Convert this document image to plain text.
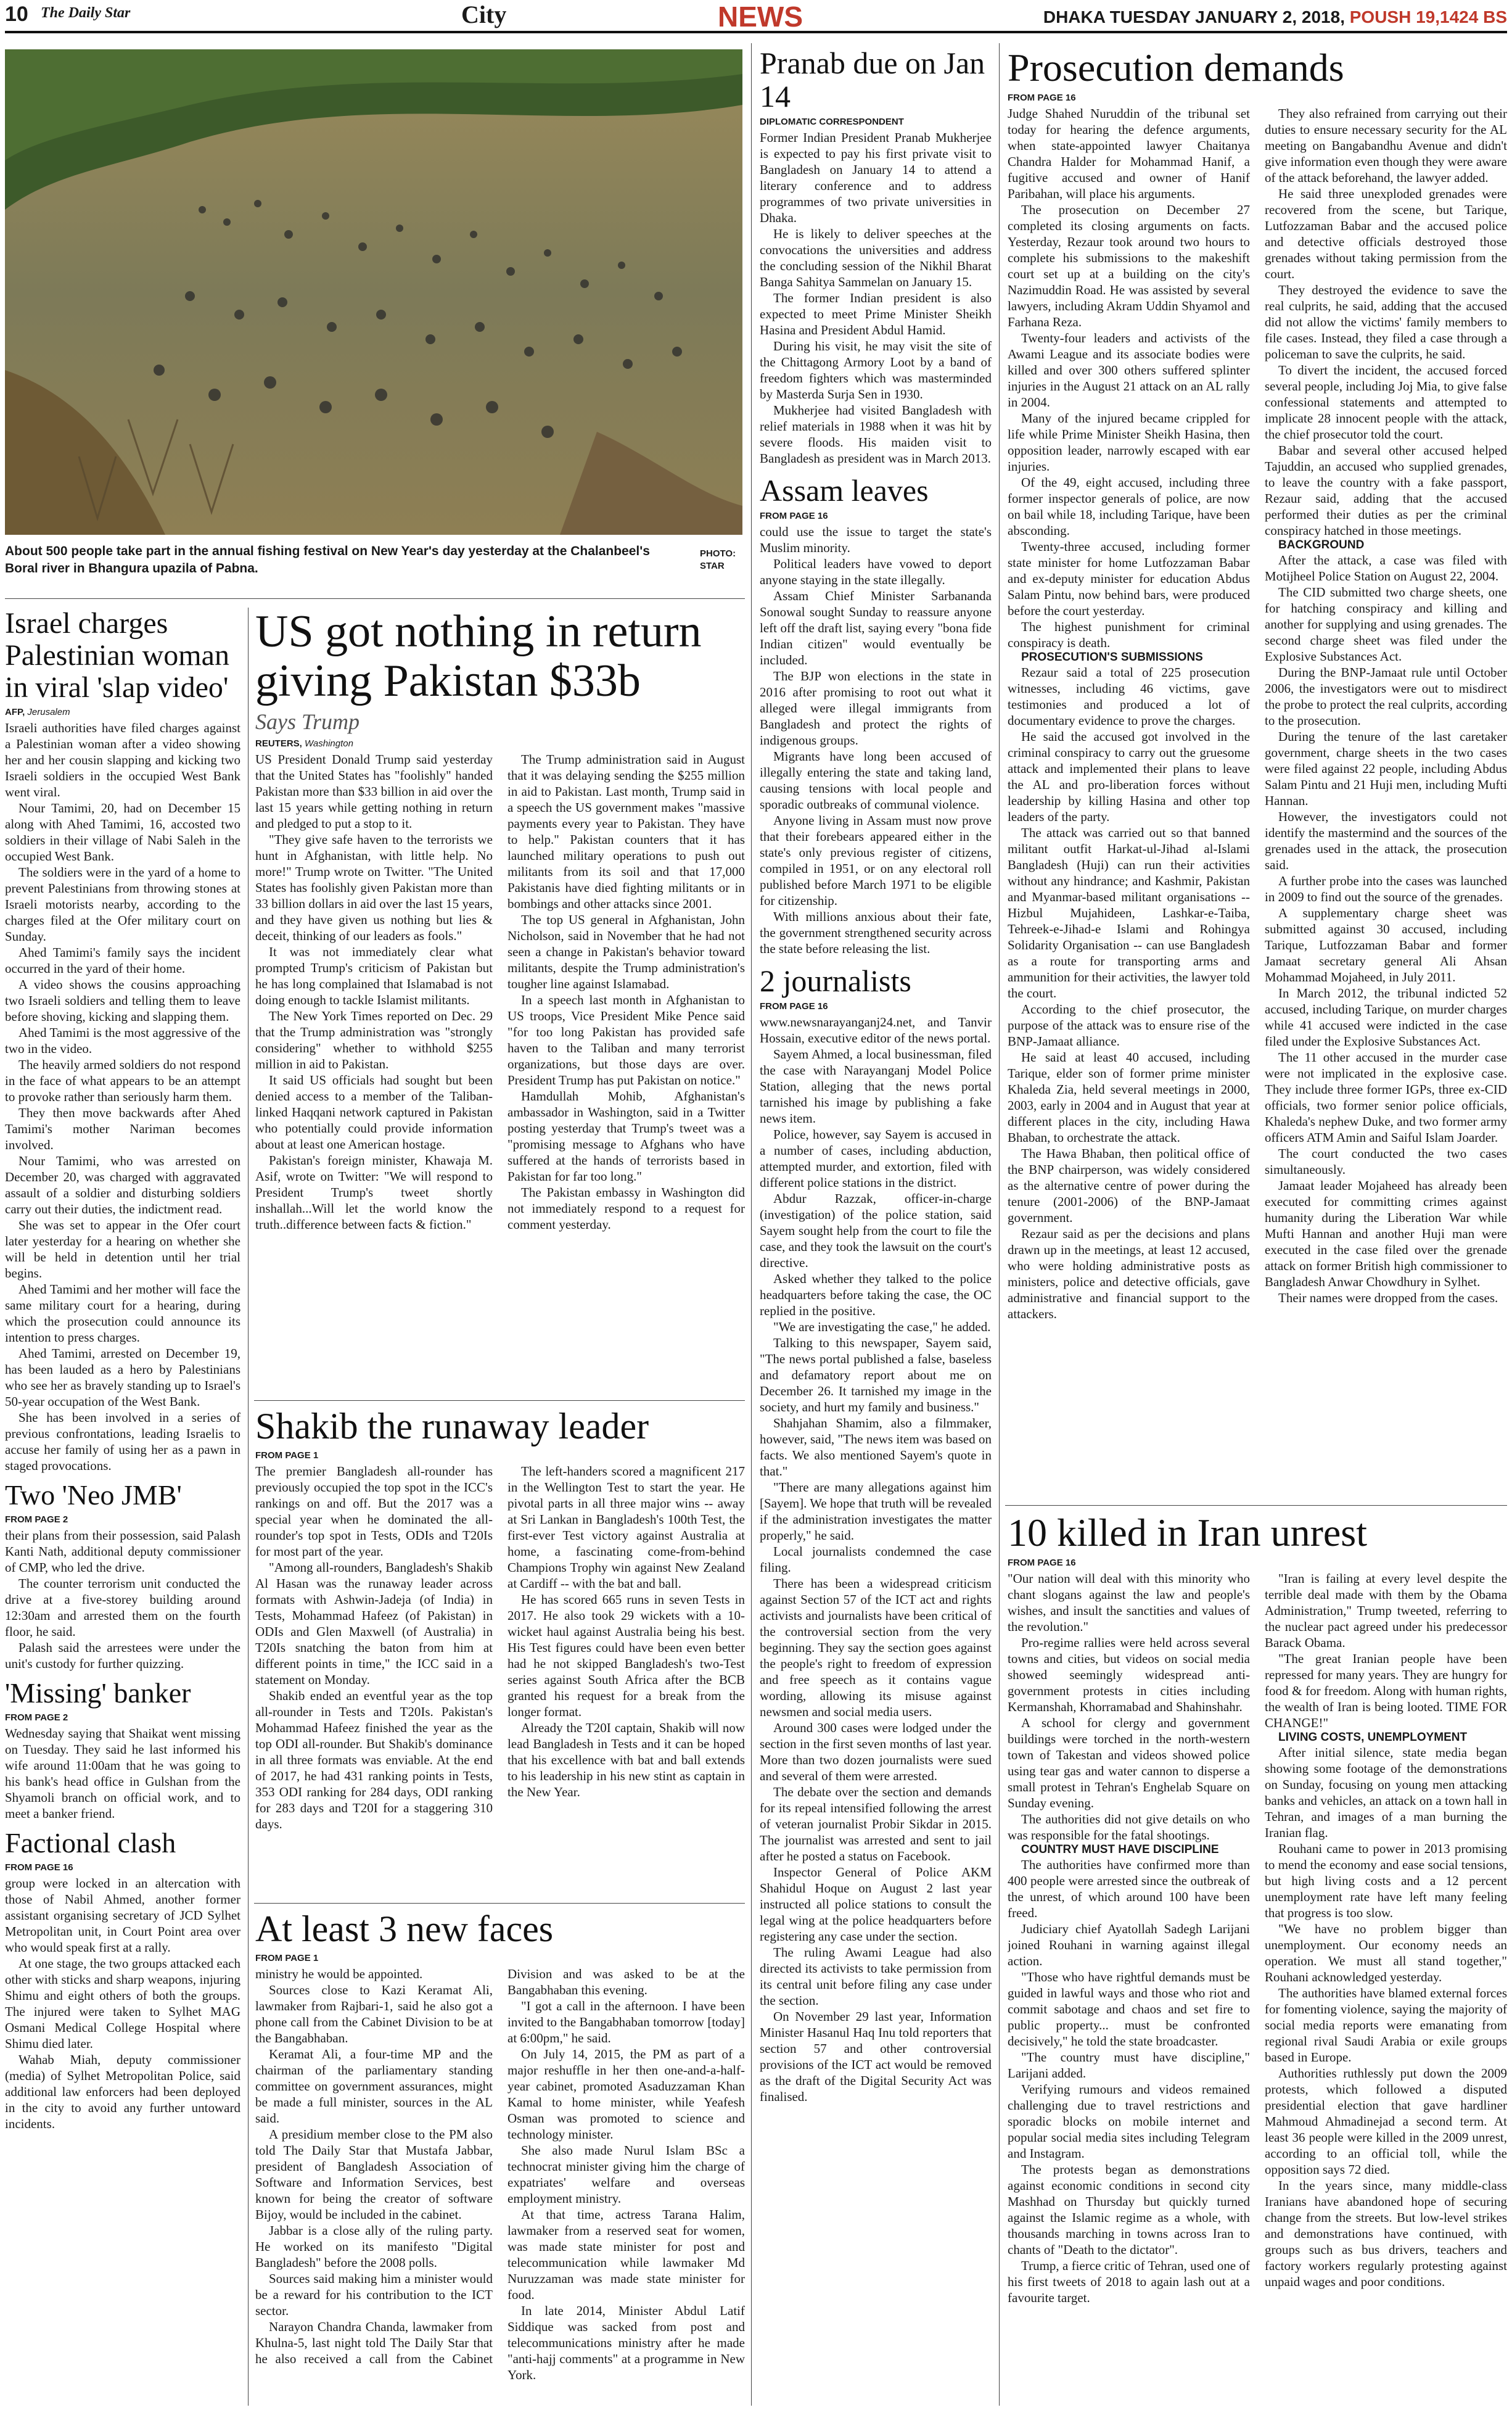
10 The Daily Star	City	NEWS	DHAKA TUESDAY JANUARY 2, 2018, POUSH 19,1424 BS
About 500 people take part in the annual fishing festival on New Year's day yesterday at the Chalanbeel's Boral river in Bhangura upazila of Pabna.
PHOTO:
STAR
Israel charges Palestinian woman in viral 'slap video'
AFP, Jerusalem

Israeli authorities have filed charges against a Palestinian woman after a video showing her and her cousin slapping and kicking two Israeli soldiers in the occupied West Bank went viral.

Nour Tamimi, 20, had on December 15 along with Ahed Tamimi, 16, accosted two soldiers in their village of Nabi Saleh in the occupied West Bank.

The soldiers were in the yard of a home to prevent Palestinians from throwing stones at Israeli motorists nearby, according to the charges filed at the Ofer military court on Sunday.

Ahed Tamimi's family says the incident occurred in the yard of their home.

A video shows the cousins approaching two Israeli soldiers and telling them to leave before shoving, kicking and slapping them.

Ahed Tamimi is the most aggressive of the two in the video.

The heavily armed soldiers do not respond in the face of what appears to be an attempt to provoke rather than seriously harm them.

They then move backwards after Ahed Tamimi's mother Nariman becomes involved.

Nour Tamimi, who was arrested on December 20, was charged with aggravated assault of a soldier and disturbing soldiers carry out their duties, the indictment read.

She was set to appear in the Ofer court later yesterday for a hearing on whether she will be held in detention until her trial begins.

Ahed Tamimi and her mother will face the same military court for a hearing, during which the prosecution could announce its intention to press charges.

Ahed Tamimi, arrested on December 19, has been lauded as a hero by Palestinians who see her as bravely standing up to Israel's 50-year occupation of the West Bank.

She has been involved in a series of previous confrontations, leading Israelis to accuse her family of using her as a pawn in staged provocations.

Two 'Neo JMB'
FROM PAGE 2

their plans from their possession, said Palash Kanti Nath, additional deputy commissioner of CMP, who led the drive.

The counter terrorism unit conducted the drive at a five-storey building around 12:30am and arrested them on the fourth floor, he said.

Palash said the arrestees were under the unit's custody for further quizzing.

'Missing' banker
FROM PAGE 2

Wednesday saying that Shaikat went missing on Tuesday. They said he last informed his wife around 11:00am that he was going to his bank's head office in Gulshan from the Shyamoli branch on official work, and to meet a banker friend.

Factional clash
FROM PAGE 16

group were locked in an altercation with those of Nabil Ahmed, another former assistant organising secretary of JCD Sylhet Metropolitan unit, in Court Point area over who would speak first at a rally.

At one stage, the two groups attacked each other with sticks and sharp weapons, injuring Shimu and eight others of both the groups. The injured were taken to Sylhet MAG Osmani Medical College Hospital where Shimu died later.

Wahab Miah, deputy commissioner (media) of Sylhet Metropolitan Police, said additional law enforcers had been deployed in the city to avoid any further untoward incidents.

US got nothing in return giving Pakistan $33b
Says Trump
REUTERS, Washington

US President Donald Trump said yesterday that the United States has "foolishly" handed Pakistan more than $33 billion in aid over the last 15 years while getting nothing in return and pledged to put a stop to it.

"They give safe haven to the terrorists we hunt in Afghanistan, with little help. No more!" Trump wrote on Twitter. "The United States has foolishly given Pakistan more than 33 billion dollars in aid over the last 15 years, and they have given us nothing but lies & deceit, thinking of our leaders as fools."

It was not immediately clear what prompted Trump's criticism of Pakistan but he has long complained that Islamabad is not doing enough to tackle Islamist militants.

The New York Times reported on Dec. 29 that the Trump administration was "strongly considering" whether to withhold $255 million in aid to Pakistan.

It said US officials had sought but been denied access to a member of the Taliban-linked Haqqani network captured in Pakistan who potentially could provide information about at least one American hostage.

Pakistan's foreign minister, Khawaja M. Asif, wrote on Twitter: "We will respond to President Trump's tweet shortly inshallah...Will let the world know the truth..difference between facts & fiction."

The Trump administration said in August that it was delaying sending the $255 million in aid to Pakistan. Last month, Trump said in a speech the US government makes "massive payments every year to Pakistan. They have to help." Pakistan counters that it has launched military operations to push out militants from its soil and that 17,000 Pakistanis have died fighting militants or in bombings and other attacks since 2001.

The top US general in Afghanistan, John Nicholson, said in November that he had not seen a change in Pakistan's behavior toward militants, despite the Trump administration's tougher line against Islamabad.

In a speech last month in Afghanistan to US troops, Vice President Mike Pence said "for too long Pakistan has provided safe haven to the Taliban and many terrorist organizations, but those days are over. President Trump has put Pakistan on notice."

Hamdullah Mohib, Afghanistan's ambassador in Washington, said in a Twitter posting yesterday that Trump's tweet was a "promising message to Afghans who have suffered at the hands of terrorists based in Pakistan for far too long."

The Pakistan embassy in Washington did not immediately respond to a request for comment yesterday.

Shakib the runaway leader
FROM PAGE 1

The premier Bangladesh all-rounder has previously occupied the top spot in the ICC's rankings on and off. But the 2017 was a special year when he dominated the all-rounder's top spot in Tests, ODIs and T20Is for most part of the year.

"Among all-rounders, Bangladesh's Shakib Al Hasan was the runaway leader across formats with Ashwin-Jadeja (of India) in Tests, Mohammad Hafeez (of Pakistan) in ODIs and Glen Maxwell (of Australia) in T20Is snatching the baton from him at different points in time," the ICC said in a statement on Monday.

Shakib ended an eventful year as the top all-rounder in Tests and T20Is. Pakistan's Mohammad Hafeez finished the year as the top ODI all-rounder. But Shakib's dominance in all three formats was enviable. At the end of 2017, he had 431 ranking points in Tests, 353 ODI ranking for 284 days, ODI ranking for 283 days and T20I for a staggering 310 days.

The left-handers scored a magnificent 217 in the Wellington Test to start the year. He pivotal parts in all three major wins -- away at Sri Lankan in Bangladesh's 100th Test, the first-ever Test victory against Australia at home, a fascinating come-from-behind Champions Trophy win against New Zealand at Cardiff -- with the bat and ball.

He has scored 665 runs in seven Tests in 2017. He also took 29 wickets with a 10-wicket haul against Australia being his best. His Test figures could have been even better had he not skipped Bangladesh's two-Test series against South Africa after the BCB granted his request for a break from the longer format.

Already the T20I captain, Shakib will now lead Bangladesh in Tests and it can be hoped that his excellence with bat and ball extends to his leadership in his new stint as captain in the New Year.

At least 3 new faces
FROM PAGE 1

ministry he would be appointed.

Sources close to Kazi Keramat Ali, lawmaker from Rajbari-1, said he also got a phone call from the Cabinet Division to be at the Bangabhaban.

Keramat Ali, a four-time MP and the chairman of the parliamentary standing committee on government assurances, might be made a full minister, sources in the AL said.

A presidium member close to the PM also told The Daily Star that Mustafa Jabbar, president of Bangladesh Association of Software and Information Services, best known for being the creator of software Bijoy, would be included in the cabinet.

Jabbar is a close ally of the ruling party. He worked on its manifesto "Digital Bangladesh" before the 2008 polls.

Sources said making him a minister would be a reward for his contribution to the ICT sector.

Narayon Chandra Chanda, lawmaker from Khulna-5, last night told The Daily Star that he also received a call from the Cabinet Division and was asked to be at the Bangabhaban this evening.

"I got a call in the afternoon. I have been invited to the Bangabhaban tomorrow [today] at 6:00pm," he said.

On July 14, 2015, the PM as part of a major reshuffle in her then one-and-a-half-year cabinet, promoted Asaduzzaman Khan Kamal to home minister, while Yeafesh Osman was promoted to science and technology minister.

She also made Nurul Islam BSc a technocrat minister giving him the charge of expatriates' welfare and overseas employment ministry.

At that time, actress Tarana Halim, lawmaker from a reserved seat for women, was made state minister for post and telecommunication while lawmaker Md Nuruzzaman was made state minister for food.

In late 2014, Minister Abdul Latif Siddique was sacked from post and telecommunications ministry after he made "anti-hajj comments" at a programme in New York.

Pranab due on Jan 14
DIPLOMATIC CORRESPONDENT

Former Indian President Pranab Mukherjee is expected to pay his first private visit to Bangladesh on January 14 to attend a literary conference and to address programmes of two private universities in Dhaka.

He is likely to deliver speeches at the convocations the universities and address the concluding session of the Nikhil Bharat Banga Sahitya Sammelan on January 15.

The former Indian president is also expected to meet Prime Minister Sheikh Hasina and President Abdul Hamid.

During his visit, he may visit the site of the Chittagong Armory Loot by a band of freedom fighters which was masterminded by Masterda Surja Sen in 1930.

Mukherjee had visited Bangladesh with relief materials in 1988 when it was hit by severe floods. His maiden visit to Bangladesh as president was in March 2013.

Assam leaves
FROM PAGE 16

could use the issue to target the state's Muslim minority.

Political leaders have vowed to deport anyone staying in the state illegally.

Assam Chief Minister Sarbananda Sonowal sought Sunday to reassure anyone left off the draft list, saying every "bona fide Indian citizen" would eventually be included.

The BJP won elections in the state in 2016 after promising to root out what it alleged were illegal immigrants from Bangladesh and protect the rights of indigenous groups.

Migrants have long been accused of illegally entering the state and taking land, causing tensions with local people and sporadic outbreaks of communal violence.

Anyone living in Assam must now prove that their forebears appeared either in the state's only previous register of citizens, compiled in 1951, or on any electoral roll published before March 1971 to be eligible for citizenship.

With millions anxious about their fate, the government strengthened security across the state before releasing the list.

2 journalists
FROM PAGE 16

www.newsnarayanganj24.net, and Tanvir Hossain, executive editor of the news portal.

Sayem Ahmed, a local businessman, filed the case with Narayanganj Model Police Station, alleging that the news portal tarnished his image by publishing a fake news item.

Police, however, say Sayem is accused in a number of cases, including abduction, attempted murder, and extortion, filed with different police stations in the district.

Abdur Razzak, officer-in-charge (investigation) of the police station, said Sayem sought help from the court to file the case, and they took the lawsuit on the court's directive.

Asked whether they talked to the police headquarters before taking the case, the OC replied in the positive.

"We are investigating the case," he added.

Talking to this newspaper, Sayem said, "The news portal published a false, baseless and defamatory report about me on December 26. It tarnished my image in the society, and hurt my family and business."

Shahjahan Shamim, also a filmmaker, however, said, "The news item was based on facts. We also mentioned Sayem's quote in that."

"There are many allegations against him [Sayem]. We hope that truth will be revealed if the administration investigates the matter properly," he said.

Local journalists condemned the case filing.

There has been a widespread criticism against Section 57 of the ICT act and rights activists and journalists have been critical of the controversial section from the very beginning. They say the section goes against the people's right to freedom of expression and free speech as it contains vague wording, allowing its misuse against newsmen and social media users.

Around 300 cases were lodged under the section in the first seven months of last year. More than two dozen journalists were sued and several of them were arrested.

The debate over the section and demands for its repeal intensified following the arrest of veteran journalist Probir Sikdar in 2015. The journalist was arrested and sent to jail after he posted a status on Facebook.

Inspector General of Police AKM Shahidul Hoque on August 2 last year instructed all police stations to consult the legal wing at the police headquarters before registering any case under the section.

The ruling Awami League had also directed its activists to take permission from its central unit before filing any case under the section.

On November 29 last year, Information Minister Hasanul Haq Inu told reporters that section 57 and other controversial provisions of the ICT act would be removed as the draft of the Digital Security Act was finalised.

Prosecution demands
FROM PAGE 16

Judge Shahed Nuruddin of the tribunal set today for hearing the defence arguments, when state-appointed lawyer Chaitanya Chandra Halder for Mohammad Hanif, a fugitive accused and owner of Hanif Paribahan, will place his arguments.

The prosecution on December 27 completed its closing arguments on facts. Yesterday, Rezaur took around two hours to complete his submissions to the makeshift court set up at a building on the city's Nazimuddin Road. He was assisted by several lawyers, including Akram Uddin Shyamol and Farhana Reza.

Twenty-four leaders and activists of the Awami League and its associate bodies were killed and over 300 others suffered splinter injuries in the August 21 attack on an AL rally in 2004.

Many of the injured became crippled for life while Prime Minister Sheikh Hasina, then opposition leader, narrowly escaped with ear injuries.

Of the 49, eight accused, including three former inspector generals of police, are now on bail while 18, including Tarique, have been absconding.

Twenty-three accused, including former state minister for home Lutfozzaman Babar and ex-deputy minister for education Abdus Salam Pintu, now behind bars, were produced before the court yesterday.

The highest punishment for criminal conspiracy is death.

PROSECUTION'S SUBMISSIONS

Rezaur said a total of 225 prosecution witnesses, including 46 victims, gave testimonies and produced a lot of documentary evidence to prove the charges.

He said the accused got involved in the criminal conspiracy to carry out the gruesome attack and implemented their plans to leave the AL and pro-liberation forces without leadership by killing Hasina and other top leaders of the party.

The attack was carried out so that banned militant outfit Harkat-ul-Jihad al-Islami Bangladesh (Huji) can run their activities without any hindrance; and Kashmir, Pakistan and Myanmar-based militant organisations -- Hizbul Mujahideen, Lashkar-e-Taiba, Tehreek-e-Jihad-e Islami and Rohingya Solidarity Organisation -- can use Bangladesh as a route for transporting arms and ammunition for their activities, the lawyer told the court.

According to the chief prosecutor, the purpose of the attack was to ensure rise of the BNP-Jamaat alliance.

He said at least 40 accused, including Tarique, elder son of former prime minister Khaleda Zia, held several meetings in 2000, 2003, early in 2004 and in August that year at different places in the city, including Hawa Bhaban, to orchestrate the attack.

The Hawa Bhaban, then political office of the BNP chairperson, was widely considered as the alternative centre of power during the tenure (2001-2006) of the BNP-Jamaat government.

Rezaur said as per the decisions and plans drawn up in the meetings, at least 12 accused, who were holding administrative posts as ministers, police and detective officials, gave administrative and financial support to the attackers.

They also refrained from carrying out their duties to ensure necessary security for the AL meeting on Bangabandhu Avenue and didn't give information even though they were aware of the attack beforehand, the lawyer added.

He said three unexploded grenades were recovered from the scene, but Tarique, Lutfozzaman Babar and the accused police and detective officials destroyed those grenades without taking permission from the court.

They destroyed the evidence to save the real culprits, he said, adding that the accused did not allow the victims' family members to file cases. Instead, they filed a case through a policeman to save the culprits, he said.

To divert the incident, the accused forced several people, including Joj Mia, to give false confessional statements and attempted to implicate 28 innocent people with the attack, the chief prosecutor told the court.

Babar and several other accused helped Tajuddin, an accused who supplied grenades, to leave the country with a fake passport, Rezaur said, adding that the accused performed their duties as per the criminal conspiracy hatched in those meetings.

BACKGROUND

After the attack, a case was filed with Motijheel Police Station on August 22, 2004.

The CID submitted two charge sheets, one for hatching conspiracy and killing and another for supplying and using grenades. The second charge sheet was filed under the Explosive Substances Act.

During the BNP-Jamaat rule until October 2006, the investigators were out to misdirect the probe to protect the real culprits, according to the prosecution.

During the tenure of the last caretaker government, charge sheets in the two cases were filed against 22 people, including Abdus Salam Pintu and 21 Huji men, including Mufti Hannan.

However, the investigators could not identify the mastermind and the sources of the grenades used in the attack, the prosecution said.

A further probe into the cases was launched in 2009 to find out the source of the grenades.

A supplementary charge sheet was submitted against 30 accused, including Tarique, Lutfozzaman Babar and former Jamaat secretary general Ali Ahsan Mohammad Mojaheed, in July 2011.

In March 2012, the tribunal indicted 52 accused, including Tarique, on murder charges while 41 accused were indicted in the case filed under the Explosive Substances Act.

The 11 other accused in the murder case were not implicated in the explosive case. They include three former IGPs, three ex-CID officials, two former senior police officials, Khaleda's nephew Duke, and two former army officers ATM Amin and Saiful Islam Joarder.

The court conducted the two cases simultaneously.

Jamaat leader Mojaheed has already been executed for committing crimes against humanity during the Liberation War while Mufti Hannan and another Huji man were executed in the case filed over the grenade attack on former British high commissioner to Bangladesh Anwar Chowdhury in Sylhet.

Their names were dropped from the cases.

10 killed in Iran unrest
FROM PAGE 16

"Our nation will deal with this minority who chant slogans against the law and people's wishes, and insult the sanctities and values of the revolution."

Pro-regime rallies were held across several towns and cities, but videos on social media showed seemingly widespread anti-government protests in cities including Kermanshah, Khorramabad and Shahinshahr.

A school for clergy and government buildings were torched in the north-western town of Takestan and videos showed police using tear gas and water cannon to disperse a small protest in Tehran's Enghelab Square on Sunday evening.

The authorities did not give details on who was responsible for the fatal shootings.

COUNTRY MUST HAVE DISCIPLINE

The authorities have confirmed more than 400 people were arrested since the outbreak of the unrest, of which around 100 have been freed.

Judiciary chief Ayatollah Sadegh Larijani joined Rouhani in warning against illegal action.

"Those who have rightful demands must be guided in lawful ways and those who riot and commit sabotage and chaos and set fire to public property... must be confronted decisively," he told the state broadcaster.

"The country must have discipline," Larijani added.

Verifying rumours and videos remained challenging due to travel restrictions and sporadic blocks on mobile internet and popular social media sites including Telegram and Instagram.

The protests began as demonstrations against economic conditions in second city Mashhad on Thursday but quickly turned against the Islamic regime as a whole, with thousands marching in towns across Iran to chants of "Death to the dictator".

Trump, a fierce critic of Tehran, used one of his first tweets of 2018 to again lash out at a favourite target.

"Iran is failing at every level despite the terrible deal made with them by the Obama Administration," Trump tweeted, referring to the nuclear pact agreed under his predecessor Barack Obama.

"The great Iranian people have been repressed for many years. They are hungry for food & for freedom. Along with human rights, the wealth of Iran is being looted. TIME FOR CHANGE!"

LIVING COSTS, UNEMPLOYMENT

After initial silence, state media began showing some footage of the demonstrations on Sunday, focusing on young men attacking banks and vehicles, an attack on a town hall in Tehran, and images of a man burning the Iranian flag.

Rouhani came to power in 2013 promising to mend the economy and ease social tensions, but high living costs and a 12 percent unemployment rate have left many feeling that progress is too slow.

"We have no problem bigger than unemployment. Our economy needs an operation. We must all stand together," Rouhani acknowledged yesterday.

The authorities have blamed external forces for fomenting violence, saying the majority of social media reports were emanating from regional rival Saudi Arabia or exile groups based in Europe.

Authorities ruthlessly put down the 2009 protests, which followed a disputed presidential election that gave hardliner Mahmoud Ahmadinejad a second term. At least 36 people were killed in the 2009 unrest, according to an official toll, while the opposition says 72 died.

In the years since, many middle-class Iranians have abandoned hope of securing change from the streets. But low-level strikes and demonstrations have continued, with groups such as bus drivers, teachers and factory workers regularly protesting against unpaid wages and poor conditions.
